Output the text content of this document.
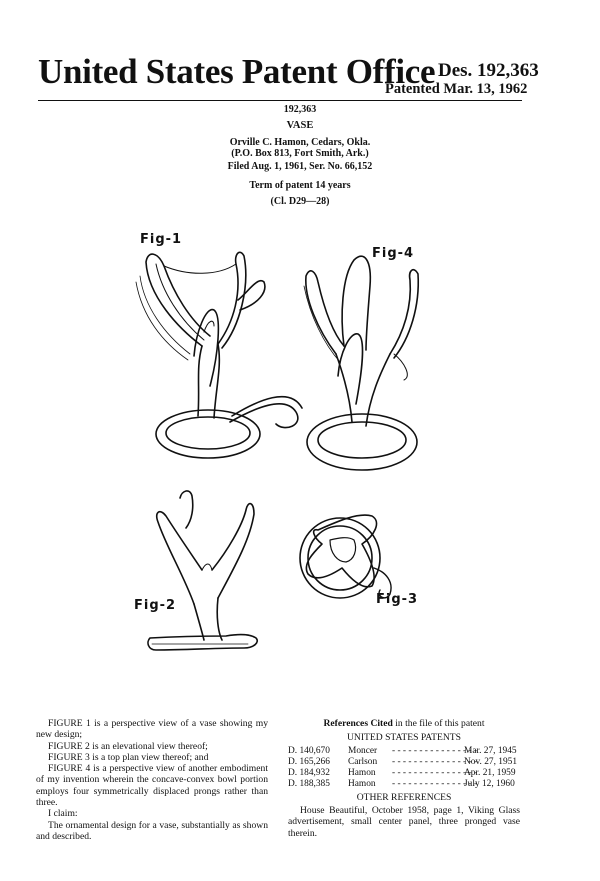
United States Patent Office Des. 192,363
Patented Mar. 13, 1962
192,363
VASE
Orville C. Hamon, Cedars, Okla.
(P.O. Box 813, Fort Smith, Ark.)
Filed Aug. 1, 1961, Ser. No. 66,152
Term of patent 14 years
(Cl. D29—28)
Fig-1
Fig-4
Fig-2	Fig-3
FIGURE 1 is a perspective view of a vase showing my new design;
FIGURE 2 is an elevational view thereof;
FIGURE 3 is a top plan view thereof; and
FIGURE 4 is a perspective view of another embodiment of my invention wherein the concave-convex bowl portion employs four symmetrically displaced prongs rather than three.
I claim:
The ornamental design for a vase, substantially as shown and described.
References Cited in the file of this patent
UNITED STATES PATENTS
D. 140,670 Moncer - - - - - - - - - - - - - - - -Mar. 27, 1945
D. 165,266 Carlson - - - - - - - - - - - - - - - -Nov. 27, 1951
D. 184,932 Hamon - - - - - - - - - - - - - - - -Apr. 21, 1959
D. 188,385 Hamon - - - - - - - - - - - - - - - -July 12, 1960
OTHER REFERENCES
House Beautiful, October 1958, page 1, Viking Glass advertisement, small center panel, three pronged vase therein.
